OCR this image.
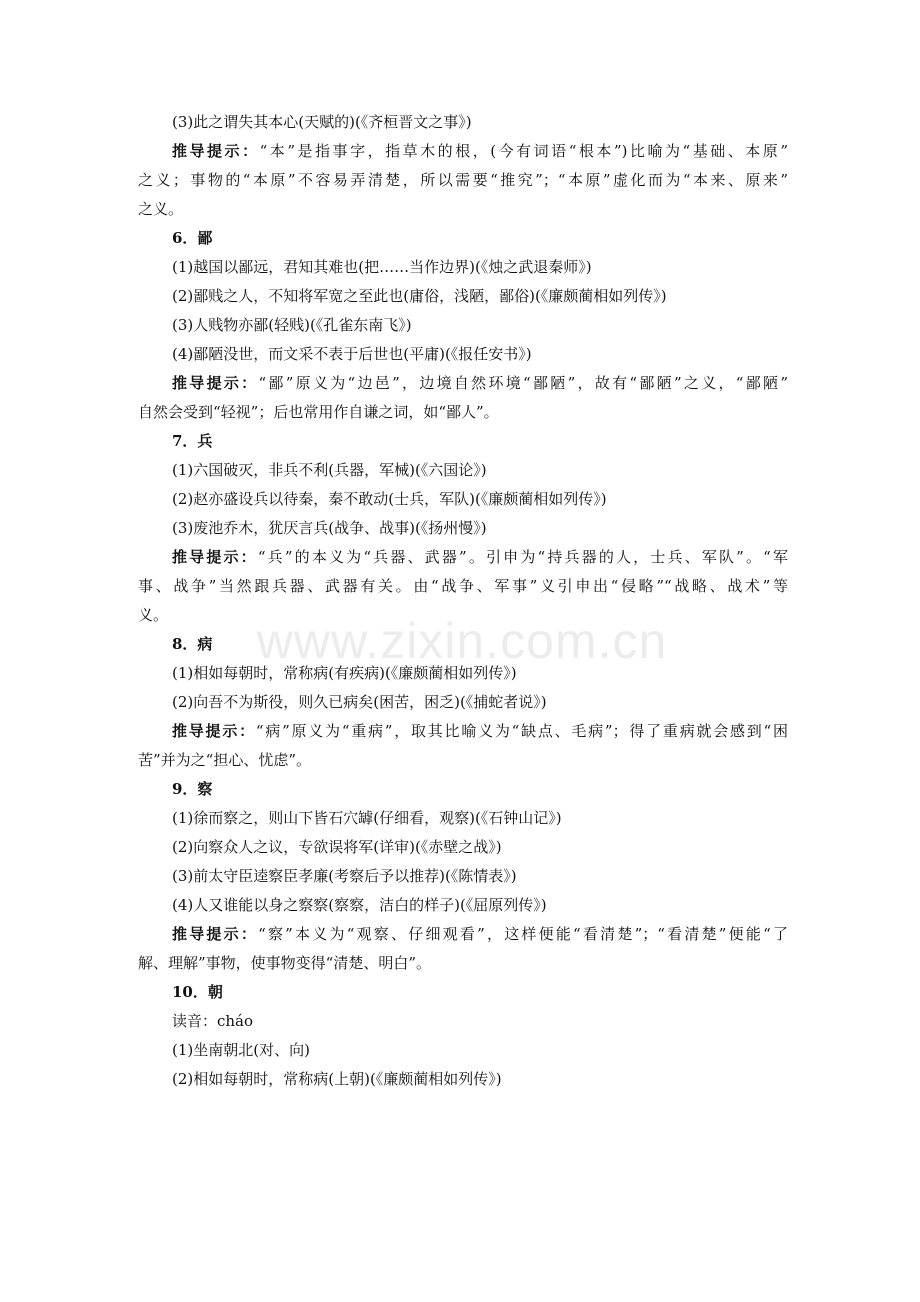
www.zixin.com.cn

(3)此之谓失其本心(天赋的)(《齐桓晋文之事》)

推导提示：“本”是指事字，指草木的根，(今有词语“根本”)比喻为“基础、本原”

之义；事物的“本原”不容易弄清楚，所以需要“推究”；“本原”虚化而为“本来、原来”

之义。

6．鄙

(1)越国以鄙远，君知其难也(把……当作边界)(《烛之武退秦师》)

(2)鄙贱之人，不知将军宽之至此也(庸俗，浅陋，鄙俗)(《廉颇蔺相如列传》)

(3)人贱物亦鄙(轻贱)(《孔雀东南飞》)

(4)鄙陋没世，而文采不表于后世也(平庸)(《报任安书》)

推导提示：“鄙”原义为“边邑”，边境自然环境“鄙陋”，故有“鄙陋”之义，“鄙陋”

自然会受到“轻视”；后也常用作自谦之词，如“鄙人”。

7．兵

(1)六国破灭，非兵不利(兵器，军械)(《六国论》)

(2)赵亦盛设兵以待秦，秦不敢动(士兵，军队)(《廉颇蔺相如列传》)

(3)废池乔木，犹厌言兵(战争、战事)(《扬州慢》)

推导提示：“兵”的本义为“兵器、武器”。引申为“持兵器的人，士兵、军队”。“军

事、战争”当然跟兵器、武器有关。由“战争、军事”义引申出“侵略”“战略、战术”等

义。

8．病

(1)相如每朝时，常称病(有疾病)(《廉颇蔺相如列传》)

(2)向吾不为斯役，则久已病矣(困苦，困乏)(《捕蛇者说》)

推导提示：“病”原义为“重病”，取其比喻义为“缺点、毛病”；得了重病就会感到“困

苦”并为之“担心、忧虑”。

9．察

(1)徐而察之，则山下皆石穴罅(仔细看，观察)(《石钟山记》)

(2)向察众人之议，专欲误将军(详审)(《赤壁之战》)

(3)前太守臣逵察臣孝廉(考察后予以推荐)(《陈情表》)

(4)人又谁能以身之察察(察察，洁白的样子)(《屈原列传》)

推导提示：“察”本义为“观察、仔细观看”，这样便能“看清楚”；“看清楚”便能“了

解、理解”事物，使事物变得“清楚、明白”。

10．朝

读音：cháo

(1)坐南朝北(对、向)

(2)相如每朝时，常称病(上朝)(《廉颇蔺相如列传》)
